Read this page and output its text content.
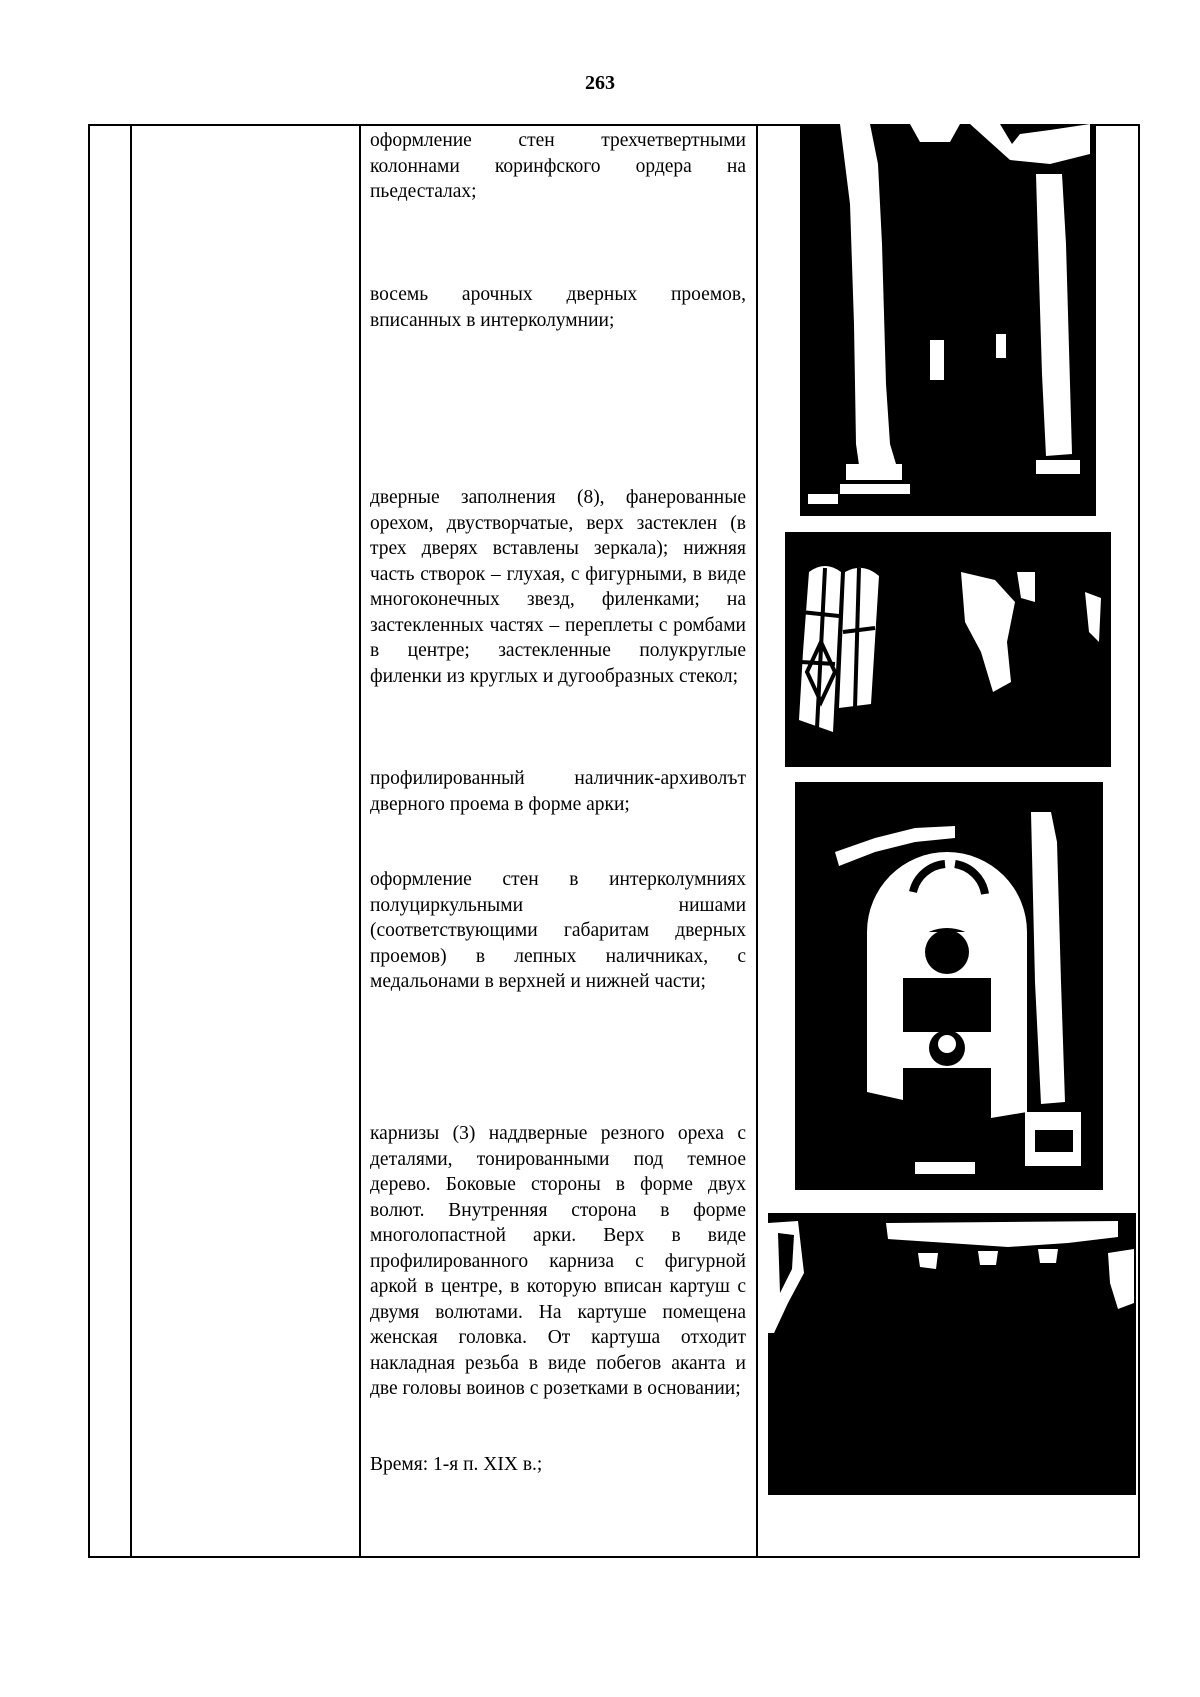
263
оформление стен трехчетвертными колоннами коринфского ордера на пьедесталах;
восемь арочных дверных проемов, вписанных в интерколумнии;
дверные заполнения (8), фанерованные орехом, двустворчатые, верх застеклен (в трех дверях вставлены зеркала); нижняя часть створок – глухая, с фигурными, в виде многоконечных звезд, филенками; на застекленных частях – переплеты с ромбами в центре; застекленные полукруглые филенки из круглых и дугообразных стекол;
профилированный наличник-архиволът дверного проема в форме арки;
оформление стен в интерколумниях полуциркульными нишами (соответствующими габаритам дверных проемов) в лепных наличниках, с медальонами в верхней и нижней части;
карнизы (3) наддверные резного ореха с деталями, тонированными под темное дерево. Боковые стороны в форме двух волют. Внутренняя сторона в форме многолопастной арки. Верх в виде профилированного карниза с фигурной аркой в центре, в которую вписан картуш с двумя волютами. На картуше помещена женская головка. От картуша отходит накладная резьба в виде побегов аканта и две головы воинов с розетками в основании;
Время: 1-я п. XIX в.;
